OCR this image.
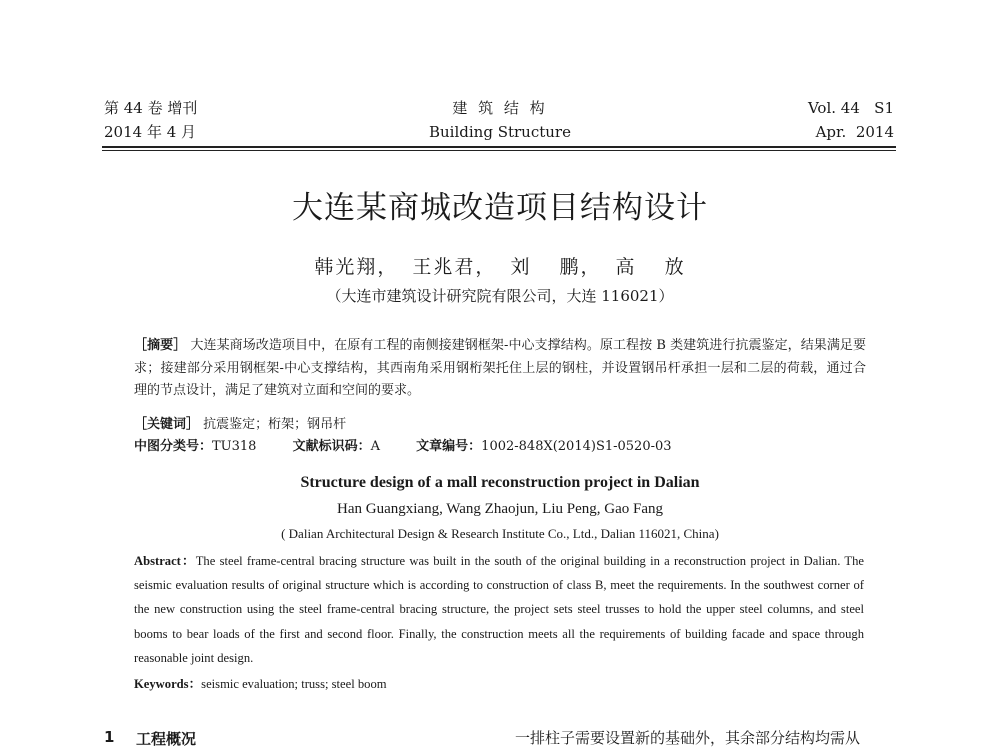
第 44 卷 增刊
2014 年 4 月
建 筑 结 构
Building Structure
Vol. 44   S1
Apr.  2014
大连某商城改造项目结构设计
韩光翔， 王兆君， 刘  鹏， 高  放
（大连市建筑设计研究院有限公司，大连 116021）
［摘要］ 大连某商场改造项目中，在原有工程的南侧接建钢框架-中心支撑结构。原工程按 B 类建筑进行抗震鉴定，结果满足要求；接建部分采用钢框架-中心支撑结构，其西南角采用钢桁架托住上层的钢柱，并设置钢吊杆承担一层和二层的荷载，通过合理的节点设计，满足了建筑对立面和空间的要求。
［关键词］ 抗震鉴定；桁架；钢吊杆
中图分类号：TU318	文献标识码：A	文章编号：1002-848X(2014)S1-0520-03
Structure design of a mall reconstruction project in Dalian
Han Guangxiang, Wang Zhaojun, Liu Peng, Gao Fang
( Dalian Architectural Design & Research Institute Co., Ltd., Dalian 116021, China)
Abstract：The steel frame-central bracing structure was built in the south of the original building in a reconstruction project in Dalian. The seismic evaluation results of original structure which is according to construction of class B, meet the requirements. In the southwest corner of the new construction using the steel frame-central bracing structure, the project sets steel trusses to hold the upper steel columns, and steel booms to bear loads of the first and second floor. Finally, the construction meets all the requirements of building facade and space through reasonable joint design.
Keywords：seismic evaluation; truss; steel boom
1 工程概况	一排柱子需要设置新的基础外，其余部分结构均需从
